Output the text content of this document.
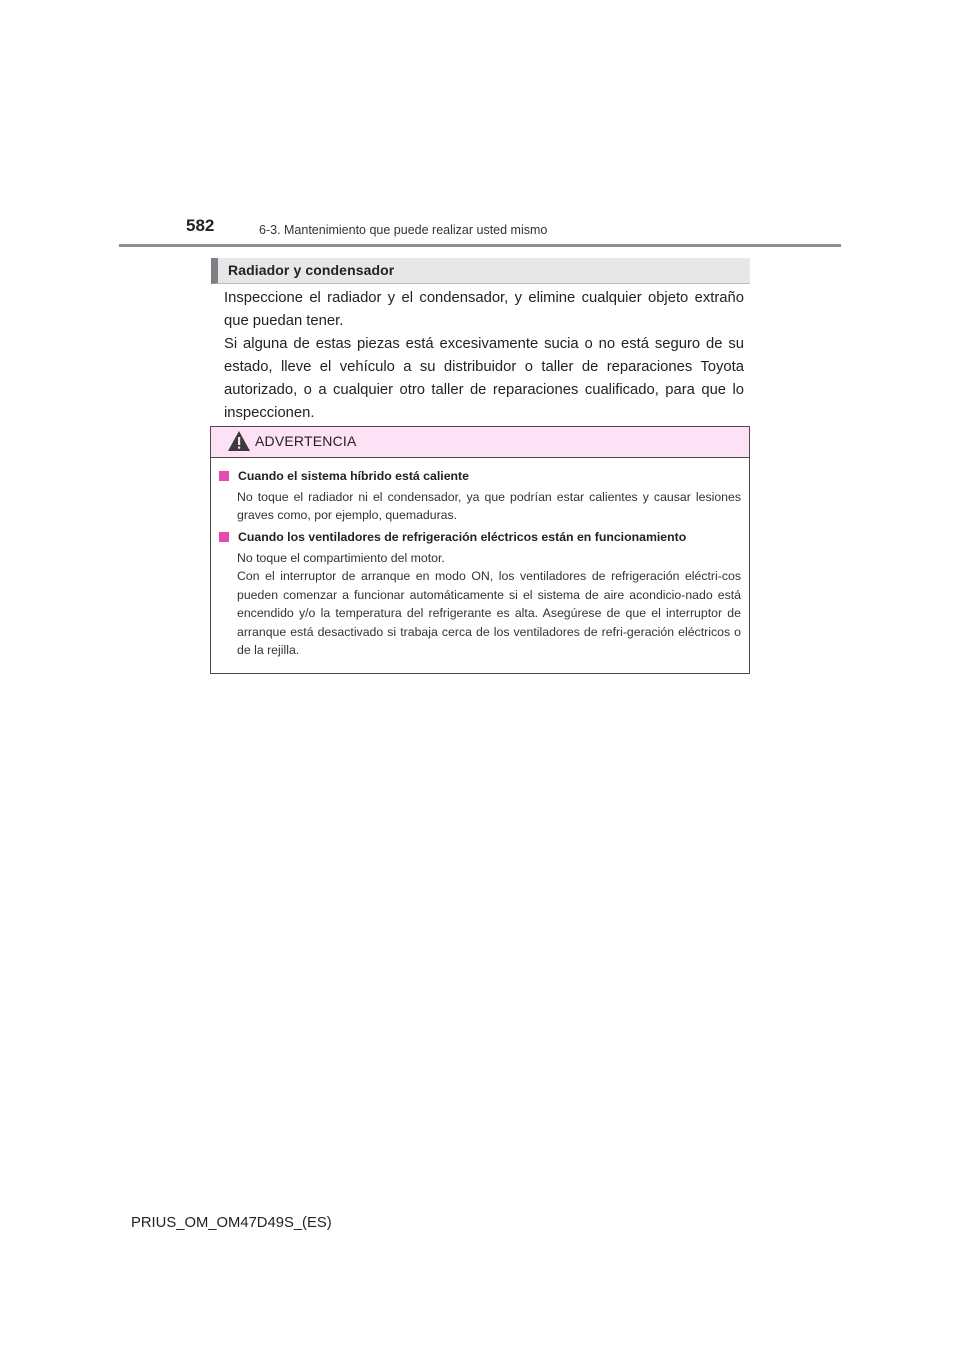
582	6-3. Mantenimiento que puede realizar usted mismo
Radiador y condensador

Inspeccione el radiador y el condensador, y elimine cualquier objeto extraño que puedan tener.

Si alguna de estas piezas está excesivamente sucia o no está seguro de su estado, lleve el vehículo a su distribuidor o taller de reparaciones Toyota autorizado, o a cualquier otro taller de reparaciones cualificado, para que lo inspeccionen.

ADVERTENCIA
Cuando el sistema híbrido está caliente

No toque el radiador ni el condensador, ya que podrían estar calientes y causar lesiones graves como, por ejemplo, quemaduras.

Cuando los ventiladores de refrigeración eléctricos están en funcionamiento

No toque el compartimiento del motor.

Con el interruptor de arranque en modo ON, los ventiladores de refrigeración eléctri-cos pueden comenzar a funcionar automáticamente si el sistema de aire acondicio-nado está encendido y/o la temperatura del refrigerante es alta. Asegúrese de que el interruptor de arranque está desactivado si trabaja cerca de los ventiladores de refri-geración eléctricos o de la rejilla.

PRIUS_OM_OM47D49S_(ES)
